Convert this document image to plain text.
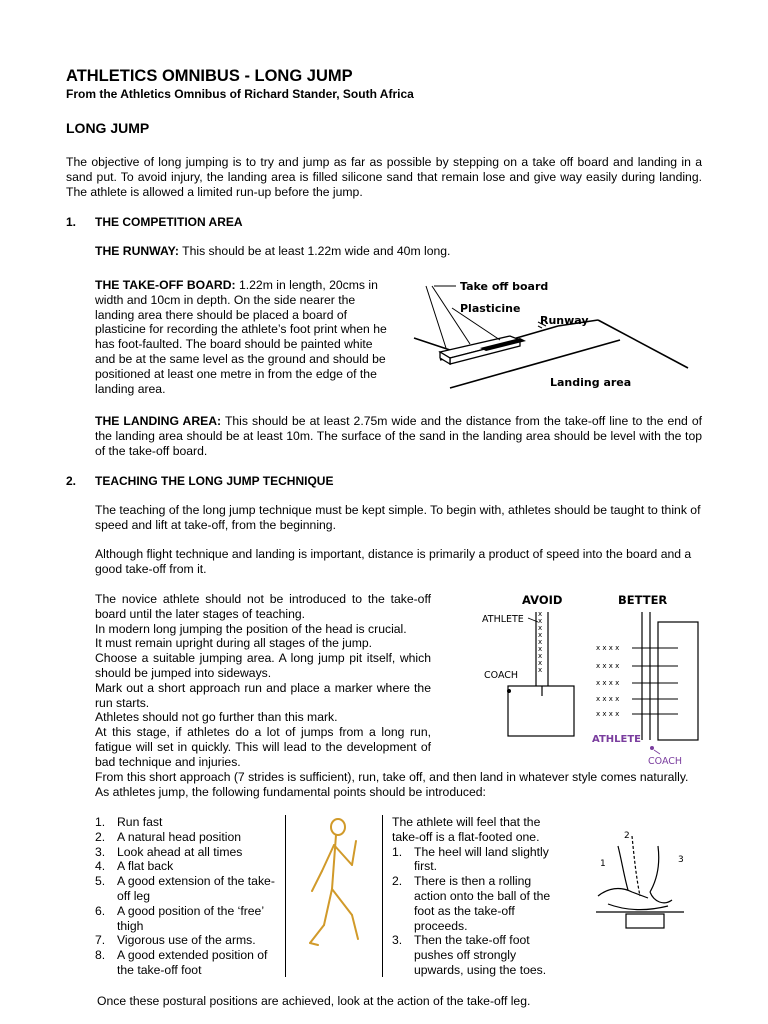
ATHLETICS OMNIBUS - LONG JUMP
From the Athletics Omnibus of Richard Stander, South Africa
LONG JUMP

The objective of long jumping is to try and jump as far as possible by stepping on a take off board and landing in a sand put. To avoid injury, the landing area is filled silicone sand that remain lose and give way easily during landing. The athlete is allowed a limited run-up before the jump.

1. THE COMPETITION AREA

THE RUNWAY: This should be at least 1.22m wide and 40m long.

THE TAKE-OFF BOARD: 1.22m in length, 20cms in width and 10cm in depth. On the side nearer the landing area there should be placed a board of plasticine for recording the athlete’s foot print when he has foot-faulted. The board should be painted white and be at the same level as the ground and should be positioned at least one metre in from the edge of the landing area.

Take off board
Plasticine
Runway
Landing area

THE LANDING AREA: This should be at least 2.75m wide and the distance from the take-off line to the end of the landing area should be at least 10m. The surface of the sand in the landing area should be level with the top of the take-off board.

2. TEACHING THE LONG JUMP TECHNIQUE

The teaching of the long jump technique must be kept simple. To begin with, athletes should be taught to think of speed and lift at take-off, from the beginning.

Although flight technique and landing is important, distance is primarily a product of speed into the board and a good take-off from it.

The novice athlete should not be introduced to the take-off board until the later stages of teaching.
In modern long jumping the position of the head is crucial.
It must remain upright during all stages of the jump.
Choose a suitable jumping area. A long jump pit itself, which should be jumped into sideways.
Mark out a short approach run and place a marker where the run starts.
Athletes should not go further than this mark.
At this stage, if athletes do a lot of jumps from a long run, fatigue will set in quickly. This will lead to the development of bad technique and injuries.
AVOID	BETTER
x
x
x
x
x
x
x
x
x
ATHLETE
COACH
x x x x
x x x x
x x x x
x x x x
x x x x
ATHLETE
COACH

From this short approach (7 strides is sufficient), run, take off, and then land in whatever style comes naturally. As athletes jump, the following fundamental points should be introduced:

1. Run fast
2. A natural head position
3. Look ahead at all times
4. A flat back
5. A good extension of the take-off leg
6. A good position of the ‘free’ thigh
7. Vigorous use of the arms.
8. A good extended position of the take-off foot
The athlete will feel that the take-off is a flat-footed one.
1. The heel will land slightly first.
2. There is then a rolling action onto the ball of the foot as the take-off proceeds.
3. Then the take-off foot pushes off strongly upwards, using the toes.
1
2
3

Once these postural positions are achieved, look at the action of the take-off leg.
